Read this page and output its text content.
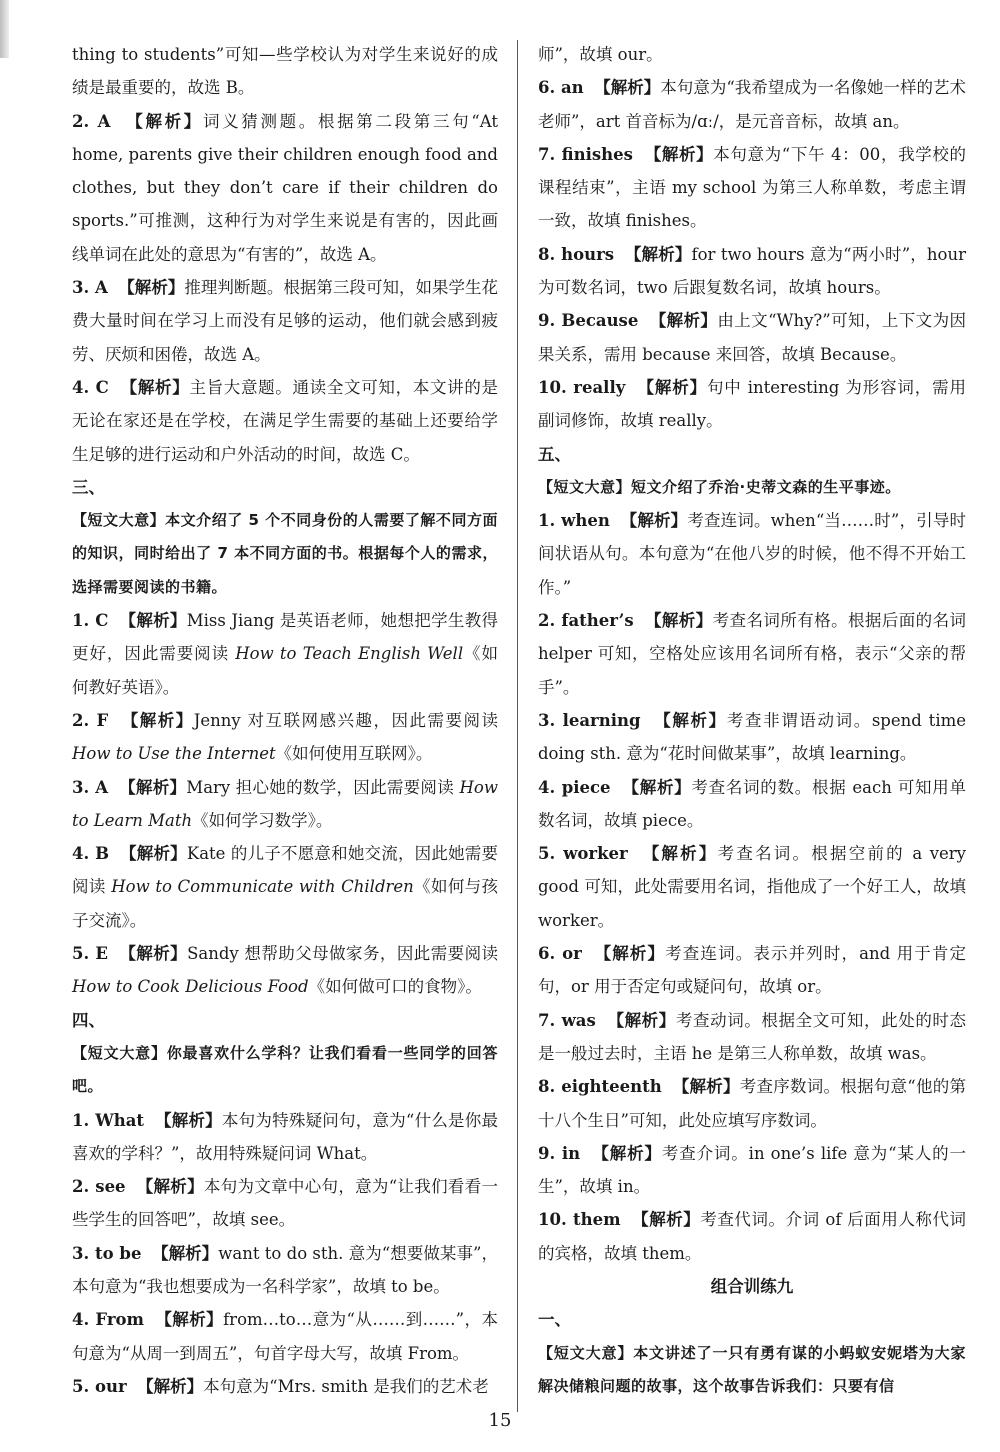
thing to students”可知—些学校认为对学生来说好的成绩是最重要的，故选 B。

2. A 【解析】词义猜测题。根据第二段第三句“At home, parents give their children enough food and clothes, but they don’t care if their children do sports.”可推测，这种行为对学生来说是有害的，因此画线单词在此处的意思为“有害的”，故选 A。

3. A 【解析】推理判断题。根据第三段可知，如果学生花费大量时间在学习上而没有足够的运动，他们就会感到疲劳、厌烦和困倦，故选 A。

4. C 【解析】主旨大意题。通读全文可知，本文讲的是无论在家还是在学校，在满足学生需要的基础上还要给学生足够的进行运动和户外活动的时间，故选 C。

三、

【短文大意】本文介绍了 5 个不同身份的人需要了解不同方面的知识，同时给出了 7 本不同方面的书。根据每个人的需求，选择需要阅读的书籍。

1. C 【解析】Miss Jiang 是英语老师，她想把学生教得更好，因此需要阅读 How to Teach English Well《如何教好英语》。

2. F 【解析】Jenny 对互联网感兴趣，因此需要阅读 How to Use the Internet《如何使用互联网》。

3. A 【解析】Mary 担心她的数学，因此需要阅读 How to Learn Math《如何学习数学》。

4. B 【解析】Kate 的儿子不愿意和她交流，因此她需要阅读 How to Communicate with Children《如何与孩子交流》。

5. E 【解析】Sandy 想帮助父母做家务，因此需要阅读 How to Cook Delicious Food《如何做可口的食物》。

四、

【短文大意】你最喜欢什么学科？让我们看看一些同学的回答吧。

1. What 【解析】本句为特殊疑问句，意为“什么是你最喜欢的学科？”，故用特殊疑问词 What。

2. see 【解析】本句为文章中心句，意为“让我们看看一些学生的回答吧”，故填 see。

3. to be 【解析】want to do sth. 意为“想要做某事”，本句意为“我也想要成为一名科学家”，故填 to be。

4. From 【解析】from…to…意为“从……到……”，本句意为“从周一到周五”，句首字母大写，故填 From。

5. our 【解析】本句意为“Mrs. smith 是我们的艺术老

师”，故填 our。

6. an 【解析】本句意为“我希望成为一名像她一样的艺术老师”，art 首音标为/ɑː/，是元音音标，故填 an。

7. finishes 【解析】本句意为“下午 4：00，我学校的课程结束”，主语 my school 为第三人称单数，考虑主谓一致，故填 finishes。

8. hours 【解析】for two hours 意为“两小时”，hour 为可数名词，two 后跟复数名词，故填 hours。

9. Because 【解析】由上文“Why?”可知，上下文为因果关系，需用 because 来回答，故填 Because。

10. really 【解析】句中 interesting 为形容词，需用副词修饰，故填 really。

五、

【短文大意】短文介绍了乔治·史蒂文森的生平事迹。

1. when 【解析】考查连词。when“当……时”，引导时间状语从句。本句意为“在他八岁的时候，他不得不开始工作。”

2. father’s 【解析】考查名词所有格。根据后面的名词 helper 可知，空格处应该用名词所有格，表示“父亲的帮手”。

3. learning 【解析】考查非谓语动词。spend time doing sth. 意为“花时间做某事”，故填 learning。

4. piece 【解析】考查名词的数。根据 each 可知用单数名词，故填 piece。

5. worker 【解析】考查名词。根据空前的 a very good 可知，此处需要用名词，指他成了一个好工人，故填 worker。

6. or 【解析】考查连词。表示并列时，and 用于肯定句，or 用于否定句或疑问句，故填 or。

7. was 【解析】考查动词。根据全文可知，此处的时态是一般过去时，主语 he 是第三人称单数，故填 was。

8. eighteenth 【解析】考查序数词。根据句意“他的第十八个生日”可知，此处应填写序数词。

9. in 【解析】考查介词。in one’s life 意为“某人的一生”，故填 in。

10. them 【解析】考查代词。介词 of 后面用人称代词的宾格，故填 them。

组合训练九

一、

【短文大意】本文讲述了一只有勇有谋的小蚂蚁安妮塔为大家解决储粮问题的故事，这个故事告诉我们：只要有信

15
